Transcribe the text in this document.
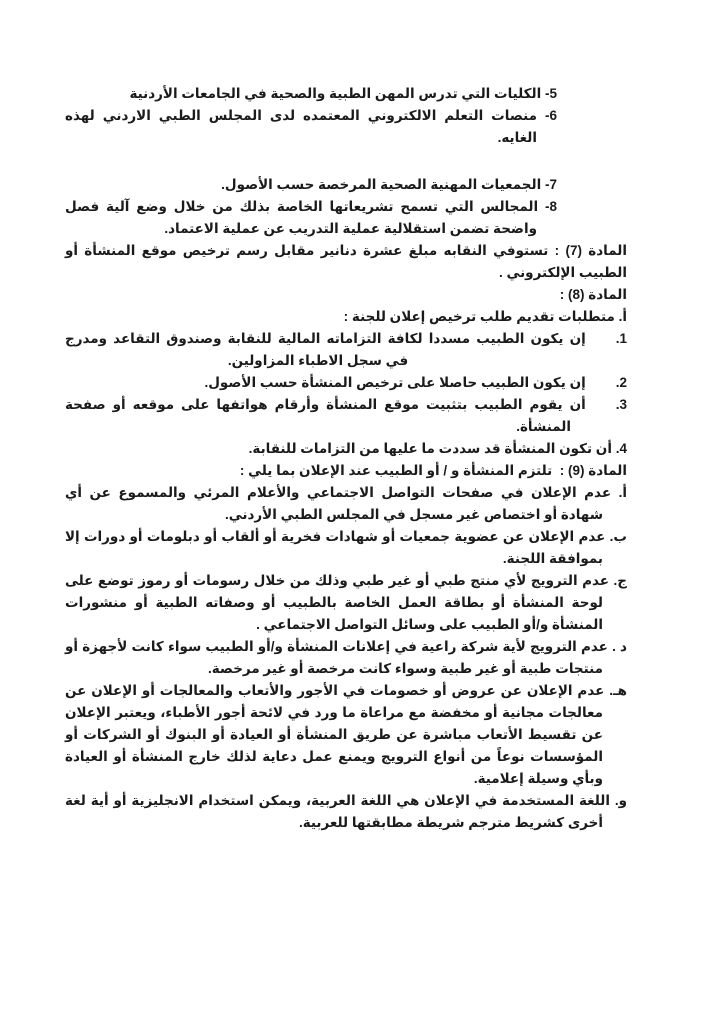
5- الكليات التي تدرس المهن الطبية والصحية في الجامعات الأردنية

6- منصات التعلم الالكتروني المعتمده لدى المجلس الطبي الاردني لهذه الغايه.

7- الجمعيات المهنية الصحية المرخصة حسب الأصول.

8- المجالس التي تسمح تشريعاتها الخاصة بذلك من خلال وضع آلية فصل واضحة تضمن استقلالية عملية التدريب عن عملية الاعتماد.

المادة (7) : تستوفي النقابه مبلغ عشرة دنانير مقابل رسم ترخيص موقع المنشأة أو الطبيب الإلكتروني .

المادة (8) :

أ. متطلبات تقديم طلب ترخيص إعلان للجنة :

1.إن يكون الطبيب مسددا لكافة التزاماته المالية للنقابة وصندوق التقاعد ومدرج في سجل الاطباء المزاولين.

2.إن يكون الطبيب حاصلا على ترخيص المنشأة حسب الأصول.

3.أن يقوم الطبيب بتثبيت موقع المنشأة وأرقام هواتفها على موقعه أو صفحة المنشأة.

4. أن تكون المنشأة قد سددت ما عليها من التزامات للنقابة.

المادة (9) :  تلتزم المنشأة و / أو الطبيب عند الإعلان بما يلي :

أ. عدم الإعلان في صفحات التواصل الاجتماعي والأعلام المرئي والمسموع عن أي شهادة أو اختصاص غير مسجل في المجلس الطبي الأردني.

ب. عدم الإعلان عن عضوية جمعيات أو شهادات فخرية أو ألقاب أو دبلومات أو دورات إلا بموافقة اللجنة.

ج. عدم الترويج لأي منتج طبي أو غير طبي وذلك من خلال رسومات أو رموز توضع على لوحة المنشأة أو بطاقة العمل الخاصة بالطبيب أو وصفاته الطبية أو منشورات المنشأة و/أو الطبيب على وسائل التواصل الاجتماعي .

د . عدم الترويج لأية شركة راعية في إعلانات المنشأة و/أو الطبيب سواء كانت لأجهزة أو منتجات طبية أو غير طبية وسواء كانت مرخصة أو غير مرخصة.

هـ. عدم الإعلان عن عروض أو خصومات في الأجور والأتعاب والمعالجات أو الإعلان عن معالجات مجانية أو مخفضة مع مراعاة ما ورد في لائحة أجور الأطباء، ويعتبر الإعلان عن تقسيط الأتعاب مباشرة عن طريق المنشأة أو العيادة أو البنوك أو الشركات أو المؤسسات نوعاً من أنواع الترويج ويمنع عمل دعاية لذلك خارج المنشأة أو العيادة وبأي وسيلة إعلامية.

و. اللغة المستخدمة في الإعلان هي اللغة العربية، ويمكن استخدام الانجليزية أو أية لغة أخرى كشريط مترجم شريطة مطابقتها للعربية.
